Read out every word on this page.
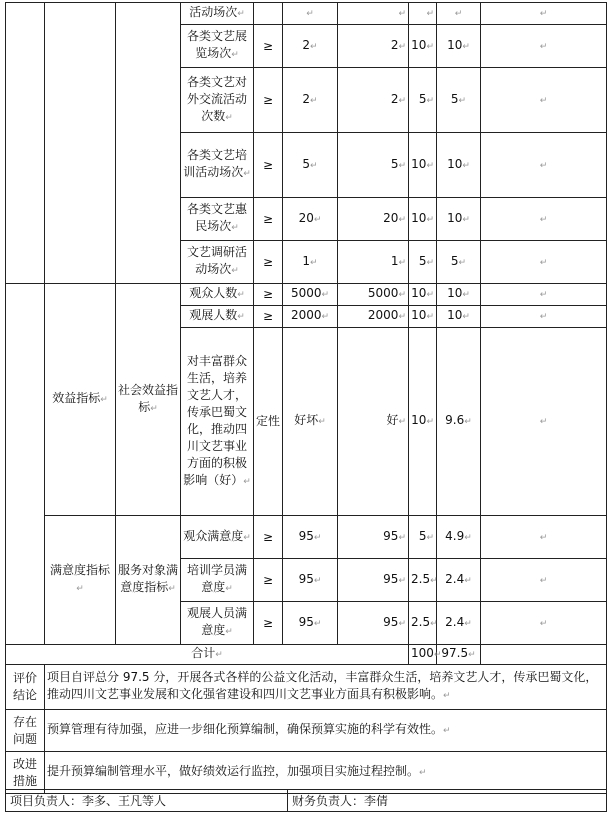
			活动场次↵		↵	↵	↵	↵	↵
			各类文艺展览场次↵	≥	2↵	2↵	10↵	10↵	↵
			各类文艺对外交流活动次数↵	≥	2↵	2↵	5↵	5↵	↵
			各类文艺培训活动场次↵	≥	5↵	5↵	10↵	10↵	↵
			各类文艺惠民场次↵	≥	20↵	20↵	10↵	10↵	↵
			文艺调研活动场次↵	≥	1↵	1↵	5↵	5↵	↵
	效益指标↵	社会效益指标↵	观众人数↵	≥	5000↵	5000↵	10↵	10↵	↵
			观展人数↵	≥	2000↵	2000↵	10↵	10↵	↵
			对丰富群众生活，培养文艺人才，传承巴蜀文化，推动四川文艺事业方面的积极影响（好）↵	定性	好坏↵	好↵	10↵	9.6↵	↵
	满意度指标↵	服务对象满意度指标↵	观众满意度↵	≥	95↵	95↵	5↵	4.9↵	↵
			培训学员满意度↵	≥	95↵	95↵	2.5↵	2.4↵	↵
			观展人员满意度↵	≥	95↵	95↵	2.5↵	2.4↵	↵
合计↵							100↵	97.5↵	
评价结论	项目自评总分 97.5 分，开展各式各样的公益文化活动，丰富群众生活，培养文艺人才，传承巴蜀文化，推动四川文艺事业发展和文化强省建设和四川文艺事业方面具有积极影响。↵								
存在问题	预算管理有待加强，应进一步细化预算编制，确保预算实施的科学有效性。↵								
改进措施	提升预算编制管理水平，做好绩效运行监控，加强项目实施过程控制。↵								
项目负责人：李多、王凡等人	财务负责人：李倩
